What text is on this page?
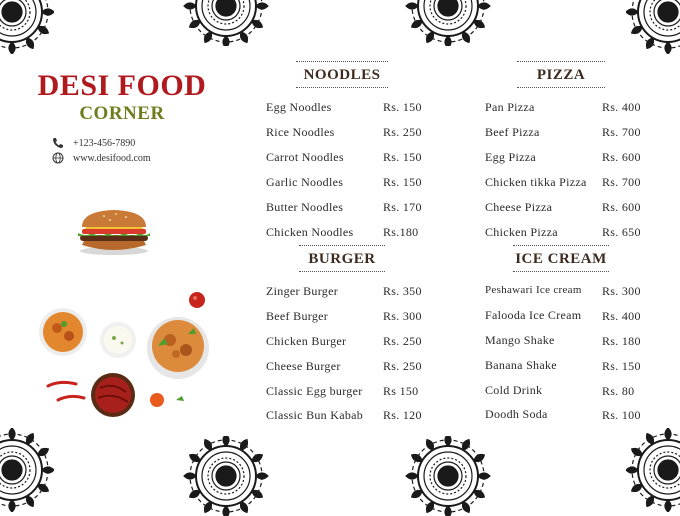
DESI FOOD
CORNER
+123-456-7890
www.desifood.com
NOODLES	PIZZA
BURGER	ICE CREAM
Egg Noodles	Rs. 150
Rice Noodles	Rs. 250
Carrot Noodles	Rs. 150
Garlic Noodles	Rs. 150
Butter Noodles	Rs. 170
Chicken Noodles Rs.180
Pan Pizza	Rs. 400
Beef Pizza	Rs. 700
Egg Pizza	Rs. 600
Chicken tikka Pizza Rs. 700
Cheese Pizza	Rs. 600
Chicken Pizza	Rs. 650
Zinger Burger	Rs. 350
Beef Burger	Rs. 300
Chicken Burger	Rs. 250
Cheese Burger	Rs. 250
Classic Egg burger Rs 150
Classic Bun Kabab Rs. 120
Peshawari Ice cream Rs. 300
Falooda Ice Cream Rs. 400
Mango Shake	Rs. 180
Banana Shake	Rs. 150
Cold Drink	Rs. 80
Doodh Soda	Rs. 100
